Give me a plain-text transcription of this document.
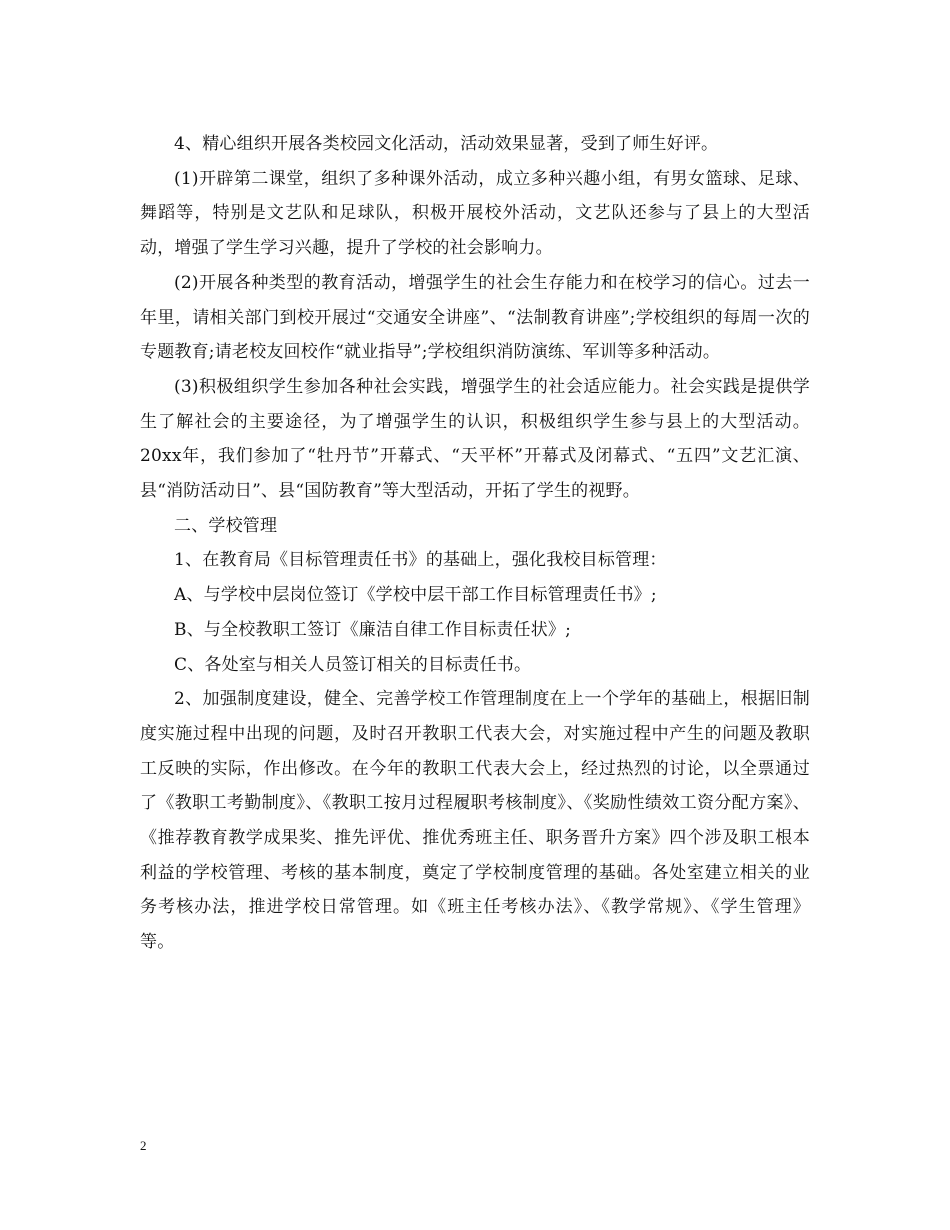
4、精心组织开展各类校园文化活动，活动效果显著，受到了师生好评。

(1)开辟第二课堂，组织了多种课外活动，成立多种兴趣小组，有男女篮球、足球、舞蹈等，特别是文艺队和足球队，积极开展校外活动，文艺队还参与了县上的大型活动，增强了学生学习兴趣，提升了学校的社会影响力。

(2)开展各种类型的教育活动，增强学生的社会生存能力和在校学习的信心。过去一年里，请相关部门到校开展过“交通安全讲座”、“法制教育讲座”;学校组织的每周一次的专题教育;请老校友回校作“就业指导”;学校组织消防演练、军训等多种活动。

(3)积极组织学生参加各种社会实践，增强学生的社会适应能力。社会实践是提供学生了解社会的主要途径，为了增强学生的认识，积极组织学生参与县上的大型活动。20xx年，我们参加了“牡丹节”开幕式、“天平杯”开幕式及闭幕式、“五四”文艺汇演、县“消防活动日”、县“国防教育”等大型活动，开拓了学生的视野。

二、学校管理

1、在教育局《目标管理责任书》的基础上，强化我校目标管理：

A、与学校中层岗位签订《学校中层干部工作目标管理责任书》;

B、与全校教职工签订《廉洁自律工作目标责任状》;

C、各处室与相关人员签订相关的目标责任书。

2、加强制度建设，健全、完善学校工作管理制度在上一个学年的基础上，根据旧制度实施过程中出现的问题，及时召开教职工代表大会，对实施过程中产生的问题及教职工反映的实际，作出修改。在今年的教职工代表大会上，经过热烈的讨论，以全票通过了《教职工考勤制度》、《教职工按月过程履职考核制度》、《奖励性绩效工资分配方案》、《推荐教育教学成果奖、推先评优、推优秀班主任、职务晋升方案》四个涉及职工根本利益的学校管理、考核的基本制度，奠定了学校制度管理的基础。各处室建立相关的业务考核办法，推进学校日常管理。如《班主任考核办法》、《教学常规》、《学生管理》等。

2
